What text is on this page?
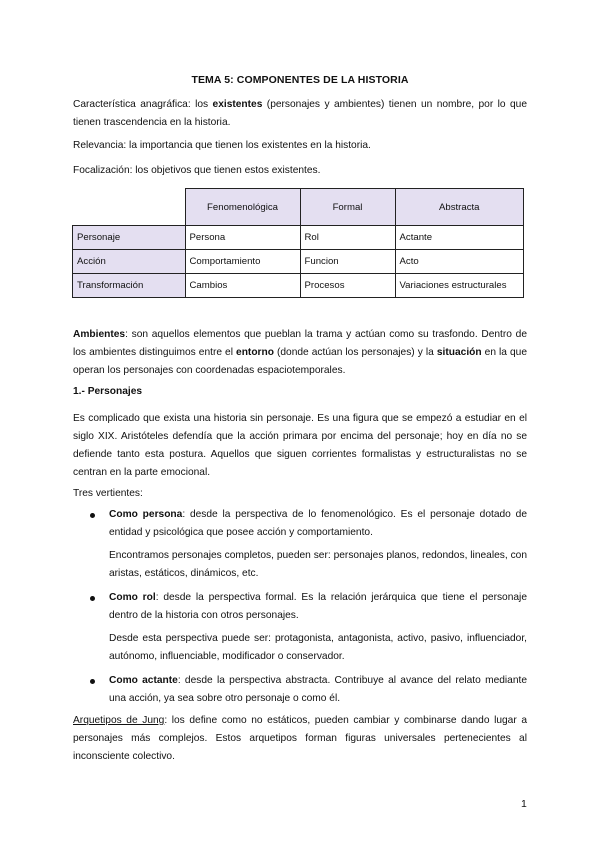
TEMA 5: COMPONENTES DE LA HISTORIA

Característica anagráfica: los existentes (personajes y ambientes) tienen un nombre, por lo que tienen trascendencia en la historia.

Relevancia: la importancia que tienen los existentes en la historia.

Focalización: los objetivos que tienen estos existentes.

	Fenomenológica	Formal	Abstracta
Personaje	Persona	Rol	Actante
Acción	Comportamiento	Funcion	Acto
Transformación	Cambios	Procesos	Variaciones estructurales

Ambientes: son aquellos elementos que pueblan la trama y actúan como su trasfondo. Dentro de los ambientes distinguimos entre el entorno (donde actúan los personajes) y la situación en la que operan los personajes con coordenadas espaciotemporales.

1.- Personajes

Es complicado que exista una historia sin personaje. Es una figura que se empezó a estudiar en el siglo XIX. Aristóteles defendía que la acción primara por encima del personaje; hoy en día no se defiende tanto esta postura. Aquellos que siguen corrientes formalistas y estructuralistas no se centran en la parte emocional.

Tres vertientes:

Como persona: desde la perspectiva de lo fenomenológico. Es el personaje dotado de entidad y psicológica que posee acción y comportamiento.

Encontramos personajes completos, pueden ser: personajes planos, redondos, lineales, con aristas, estáticos, dinámicos, etc.

Como rol: desde la perspectiva formal. Es la relación jerárquica que tiene el personaje dentro de la historia con otros personajes.

Desde esta perspectiva puede ser: protagonista, antagonista, activo, pasivo, influenciador, autónomo, influenciable, modificador o conservador.

Como actante: desde la perspectiva abstracta. Contribuye al avance del relato mediante una acción, ya sea sobre otro personaje o como él.

Arquetipos de Jung: los define como no estáticos, pueden cambiar y combinarse dando lugar a personajes más complejos. Estos arquetipos forman figuras universales pertenecientes al inconsciente colectivo.

1
